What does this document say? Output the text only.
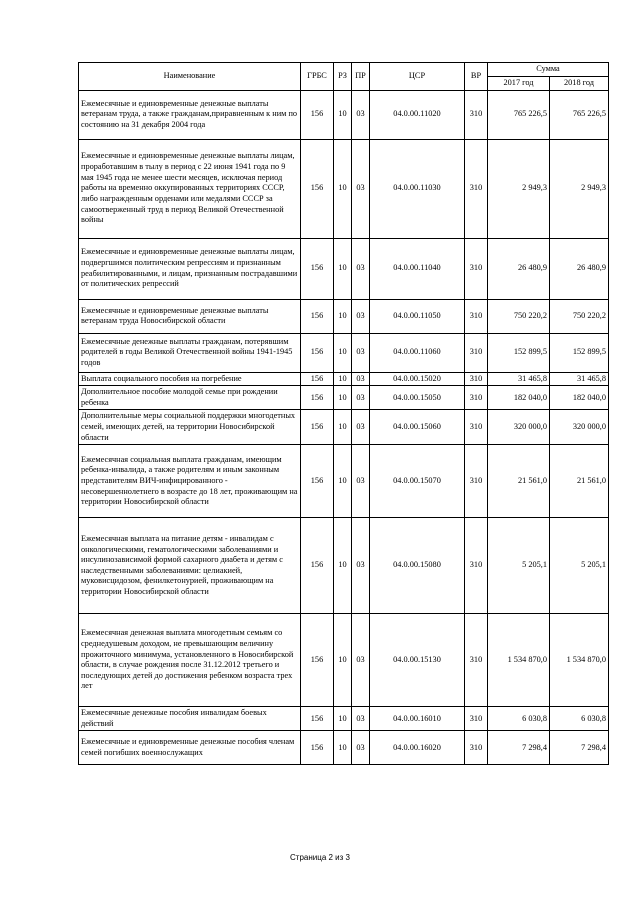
Наименование	ГРБС	РЗ	ПР	ЦСР	ВР	Сумма	
						2017 год	2018 год
Ежемесячные и единовременные денежные выплаты ветеранам труда, а также гражданам,приравненным к ним по состоянию на 31 декабря 2004 года	156	10	03	04.0.00.11020	310	765 226,5	765 226,5
Ежемесячные и единовременные денежные выплаты лицам, проработавшим в тылу в период с 22 июня 1941 года по 9 мая 1945 года не менее шести месяцев, исключая период работы на временно оккупированных территориях СССР, либо награжденным орденами или медалями СССР за самоотверженный труд в период Великой Отечественной войны	156	10	03	04.0.00.11030	310	2 949,3	2 949,3
Ежемесячные и единовременные денежные выплаты лицам, подвергшимся политическим репрессиям и признанным реабилитированными, и лицам, признанным пострадавшими от политических репрессий	156	10	03	04.0.00.11040	310	26 480,9	26 480,9
Ежемесячные и единовременные денежные выплаты ветеранам труда Новосибирской области	156	10	03	04.0.00.11050	310	750 220,2	750 220,2
Ежемесячные денежные выплаты гражданам, потерявшим родителей в годы Великой Отечественной войны 1941-1945 годов	156	10	03	04.0.00.11060	310	152 899,5	152 899,5
Выплата социального пособия на погребение	156	10	03	04.0.00.15020	310	31 465,8	31 465,8
Дополнительное пособие молодой семье при рождении ребенка	156	10	03	04.0.00.15050	310	182 040,0	182 040,0
Дополнительные меры социальной поддержки многодетных семей, имеющих детей, на территории Новосибирской области	156	10	03	04.0.00.15060	310	320 000,0	320 000,0
Ежемесячная социальная выплата гражданам, имеющим ребенка-инвалида, а также родителям и иным законным представителям ВИЧ-инфицированного - несовершеннолетнего в возрасте до 18 лет, проживающим на территории Новосибирской области	156	10	03	04.0.00.15070	310	21 561,0	21 561,0
Ежемесячная выплата на питание детям - инвалидам с онкологическими, гематологическими заболеваниями и инсулинозависимой формой сахарного диабета и детям с наследственными заболеваниями: целиакией, муковисцидозом, фенилкетонурией, проживающим на территории Новосибирской области	156	10	03	04.0.00.15080	310	5 205,1	5 205,1
Ежемесячная денежная выплата многодетным семьям со среднедушевым доходом, не превышающим величину прожиточного минимума, установленного в Новосибирской области, в случае рождения после 31.12.2012 третьего и последующих детей до достижения ребенком возраста трех лет	156	10	03	04.0.00.15130	310	1 534 870,0	1 534 870,0
Ежемесячные денежные пособия инвалидам боевых действий	156	10	03	04.0.00.16010	310	6 030,8	6 030,8
Ежемесячные и единовременные денежные пособия членам семей погибших военнослужащих	156	10	03	04.0.00.16020	310	7 298,4	7 298,4
Страница 2 из 3
